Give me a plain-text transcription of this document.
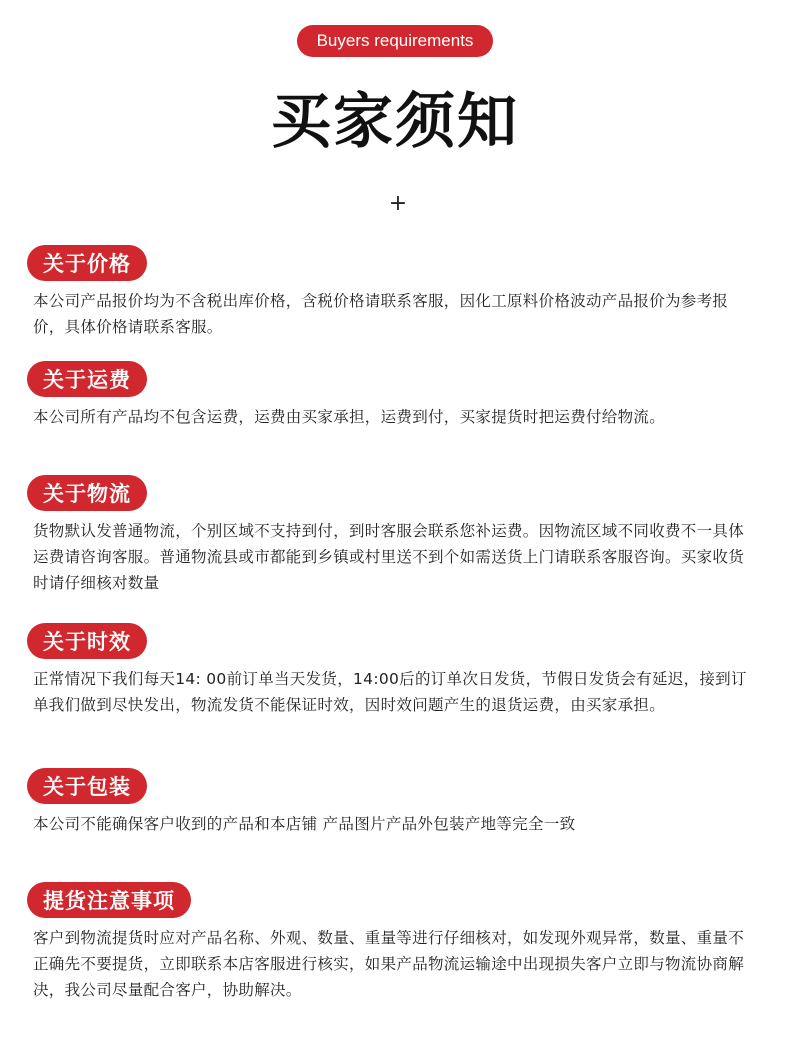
Buyers requirements
买家须知
+
关于价格
本公司产品报价均为不含税出库价格，含税价格请联系客服，因化工原料价格波动产品报价为参考报价，具体价格请联系客服。
关于运费
本公司所有产品均不包含运费，运费由买家承担，运费到付，买家提货时把运费付给物流。
关于物流
货物默认发普通物流，个别区域不支持到付，到时客服会联系您补运费。因物流区域不同收费不一具体运费请咨询客服。普通物流县或市都能到乡镇或村里送不到个如需送货上门请联系客服咨询。买家收货时请仔细核对数量
关于时效
正常情况下我们每天14: 00前订单当天发货，14:00后的订单次日发货，节假日发货会有延迟，接到订单我们做到尽快发出，物流发货不能保证时效，因时效问题产生的退货运费，由买家承担。
关于包装
本公司不能确保客户收到的产品和本店铺 产品图片产品外包装产地等完全一致
提货注意事项
客户到物流提货时应对产品名称、外观、数量、重量等进行仔细核对，如发现外观异常，数量、重量不正确先不要提货，立即联系本店客服进行核实，如果产品物流运输途中出现损失客户立即与物流协商解决，我公司尽量配合客户，协助解决。
